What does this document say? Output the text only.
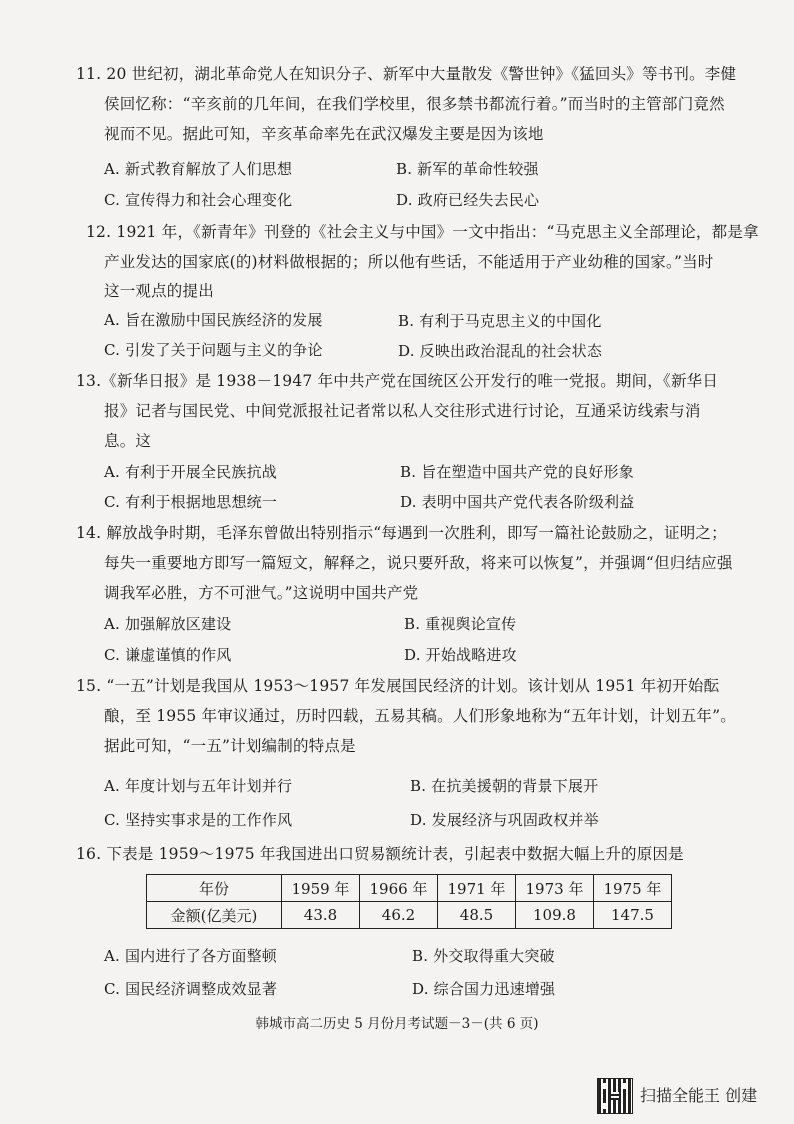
11. 20 世纪初，湖北革命党人在知识分子、新军中大量散发《警世钟》《猛回头》等书刊。李健
侯回忆称：“辛亥前的几年间，在我们学校里，很多禁书都流行着。”而当时的主管部门竟然
视而不见。据此可知，辛亥革命率先在武汉爆发主要是因为该地
A. 新式教育解放了人们思想	B. 新军的革命性较强
C. 宣传得力和社会心理变化	D. 政府已经失去民心
12. 1921 年，《新青年》刊登的《社会主义与中国》一文中指出：“马克思主义全部理论，都是拿
产业发达的国家底(的)材料做根据的；所以他有些话，不能适用于产业幼稚的国家。”当时
这一观点的提出
A. 旨在激励中国民族经济的发展	B. 有利于马克思主义的中国化
C. 引发了关于问题与主义的争论	D. 反映出政治混乱的社会状态
13.《新华日报》是 1938－1947 年中共产党在国统区公开发行的唯一党报。期间，《新华日
报》记者与国民党、中间党派报社记者常以私人交往形式进行讨论，互通采访线索与消
息。这
A. 有利于开展全民族抗战	B. 旨在塑造中国共产党的良好形象
C. 有利于根据地思想统一	D. 表明中国共产党代表各阶级利益
14. 解放战争时期，毛泽东曾做出特别指示“每遇到一次胜利，即写一篇社论鼓励之，证明之；
每失一重要地方即写一篇短文，解释之，说只要歼敌，将来可以恢复”，并强调“但归结应强
调我军必胜，方不可泄气。”这说明中国共产党
A. 加强解放区建设	B. 重视舆论宣传
C. 谦虚谨慎的作风	D. 开始战略进攻
15. “一五”计划是我国从 1953～1957 年发展国民经济的计划。该计划从 1951 年初开始酝
酿，至 1955 年审议通过，历时四载，五易其稿。人们形象地称为“五年计划，计划五年”。
据此可知，“一五”计划编制的特点是
A. 年度计划与五年计划并行	B. 在抗美援朝的背景下展开
C. 坚持实事求是的工作作风	D. 发展经济与巩固政权并举
16. 下表是 1959～1975 年我国进出口贸易额统计表，引起表中数据大幅上升的原因是
年份	1959 年	1966 年	1971 年	1973 年	1975 年
金额(亿美元)	43.8	46.2	48.5	109.8	147.5
A. 国内进行了各方面整顿	B. 外交取得重大突破
C. 国民经济调整成效显著	D. 综合国力迅速增强
韩城市高二历史 5 月份月考试题－3－(共 6 页)
扫描全能王 创建
